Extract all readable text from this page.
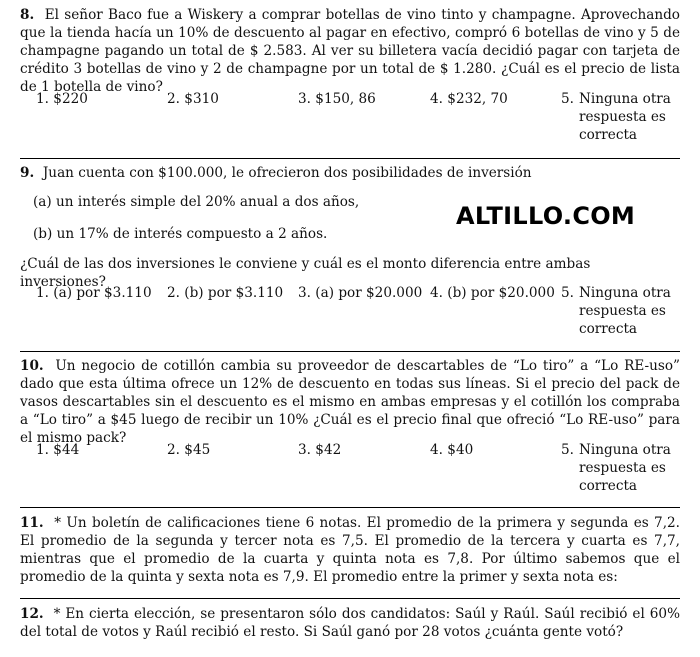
8. El señor Baco fue a Wiskery a comprar botellas de vino tinto y champagne. Aprovechando que la tienda hacía un 10% de descuento al pagar en efectivo, compró 6 botellas de vino y 5 de champagne pagando un total de $ 2.583. Al ver su billetera vacía decidió pagar con tarjeta de crédito 3 botellas de vino y 2 de champagne por un total de $ 1.280. ¿Cuál es el precio de lista de 1 botella de vino?

1. $220	2. $310	3. $150, 86	4. $232, 70	5. Ninguna otra respuesta es correcta

9. Juan cuenta con $100.000, le ofrecieron dos posibilidades de inversión

(a) un interés simple del 20% anual a dos años,
(b) un 17% de interés compuesto a 2 años.
ALTILLO.COM
¿Cuál de las dos inversiones le conviene y cuál es el monto diferencia entre ambas inversiones?
1. (a) por $3.110 2. (b) por $3.110 3. (a) por $20.000 4. (b) por $20.000 5. Ninguna otra respuesta es correcta

10. Un negocio de cotillón cambia su proveedor de descartables de “Lo tiro” a “Lo RE-uso” dado que esta última ofrece un 12% de descuento en todas sus líneas. Si el precio del pack de vasos descartables sin el descuento es el mismo en ambas empresas y el cotillón los compraba a “Lo tiro” a $45 luego de recibir un 10% ¿Cuál es el precio final que ofreció “Lo RE-uso” para el mismo pack?

1. $44	2. $45	3. $42	4. $40	5. Ninguna otra respuesta es correcta

11. * Un boletín de calificaciones tiene 6 notas. El promedio de la primera y segunda es 7,2. El promedio de la segunda y tercer nota es 7,5. El promedio de la tercera y cuarta es 7,7, mientras que el promedio de la cuarta y quinta nota es 7,8. Por último sabemos que el promedio de la quinta y sexta nota es 7,9. El promedio entre la primer y sexta nota es:

12. * En cierta elección, se presentaron sólo dos candidatos: Saúl y Raúl. Saúl recibió el 60% del total de votos y Raúl recibió el resto. Si Saúl ganó por 28 votos ¿cuánta gente votó?
